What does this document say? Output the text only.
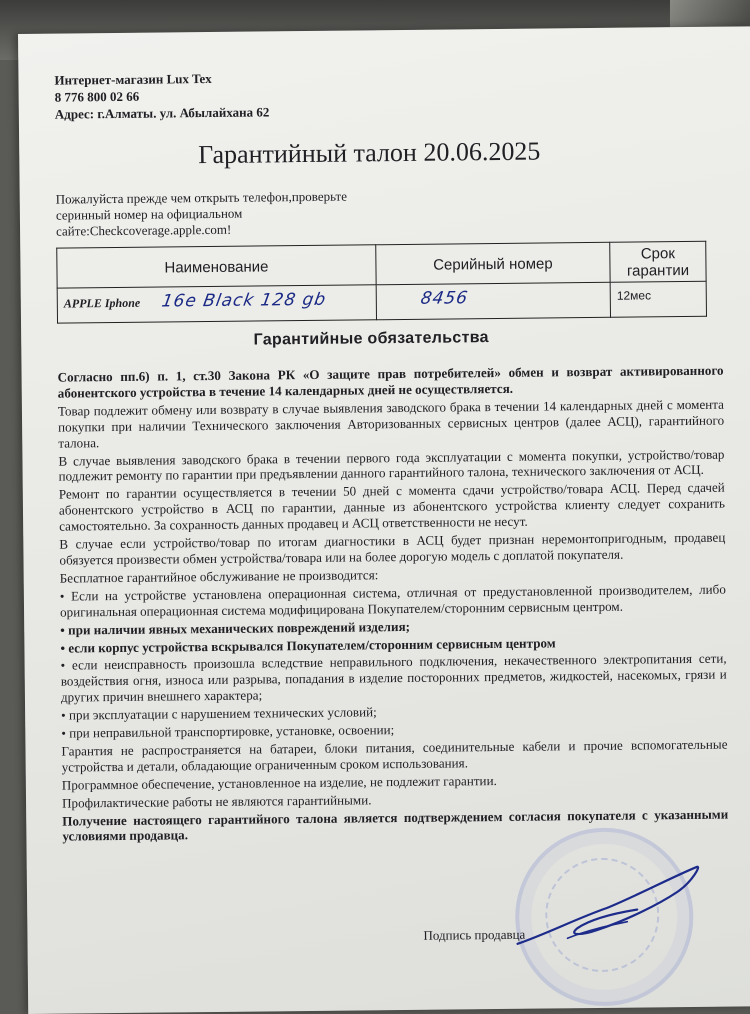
Интернет-магазин Lux Tex
8 776 800 02 66
Адрес: г.Алматы. ул. Абылайхана 62
Гарантийный талон 20.06.2025
Пожалуйста прежде чем открыть телефон,проверьте
серинный номер на официальном
сайте:Checkcoverage.apple.com!
Наименование	Серийный номер	Срок гарантии
APPLE Iphone 16e Black 128 gb	8456	12мес
Гарантийные обязательства

Согласно пп.6) п. 1, ст.30 Закона РК «О защите прав потребителей» обмен и возврат активированного абонентского устройства в течение 14 календарных дней не осуществляется.

Товар подлежит обмену или возврату в случае выявления заводского брака в течении 14 календарных дней с момента покупки при наличии Технического заключения Авторизованных сервисных центров (далее АСЦ), гарантийного талона.

В случае выявления заводского брака в течении первого года эксплуатации с момента покупки, устройство/товар подлежит ремонту по гарантии при предъявлении данного гарантийного талона, технического заключения от АСЦ.

Ремонт по гарантии осуществляется в течении 50 дней с момента сдачи устройство/товара АСЦ. Перед сдачей абонентского устройство в АСЦ по гарантии, данные из абонентского устройства клиенту следует сохранить самостоятельно. За сохранность данных продавец и АСЦ ответственности не несут.

В случае если устройство/товар по итогам диагностики в АСЦ будет признан неремонтопригодным, продавец обязуется произвести обмен устройства/товара или на более дорогую модель с доплатой покупателя.

Бесплатное гарантийное обслуживание не производится:

• Если на устройстве установлена операционная система, отличная от предустановленной производителем, либо оригинальная операционная система модифицирована Покупателем/сторонним сервисным центром.

• при наличии явных механических повреждений изделия;

• если корпус устройства вскрывался Покупателем/сторонним сервисным центром

• если неисправность произошла вследствие неправильного подключения, некачественного электропитания сети, воздействия огня, износа или разрыва, попадания в изделие посторонних предметов, жидкостей, насекомых, грязи и других причин внешнего характера;

• при эксплуатации с нарушением технических условий;

• при неправильной транспортировке, установке, освоении;

Гарантия не распространяется на батареи, блоки питания, соединительные кабели и прочие вспомогательные устройства и детали, обладающие ограниченным сроком использования.

Программное обеспечение, установленное на изделие, не подлежит гарантии.

Профилактические работы не являются гарантийными.

Получение настоящего гарантийного талона является подтверждением согласия покупателя с указанными условиями продавца.

Подпись продавца
